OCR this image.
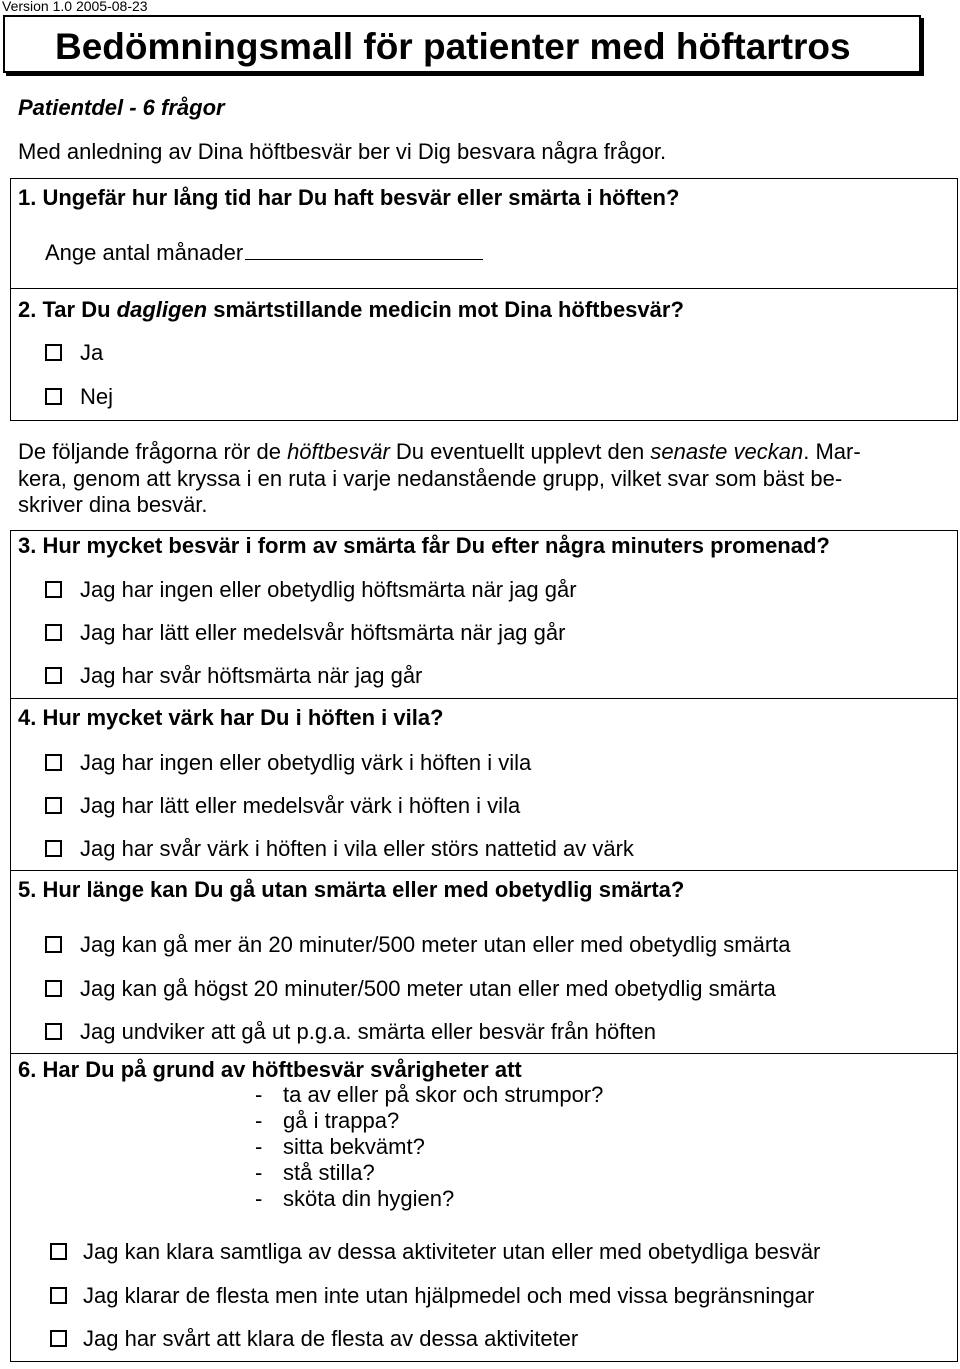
Version 1.0 2005-08-23
Bedömningsmall för patienter med höftartros
Patientdel - 6 frågor
Med anledning av Dina höftbesvär ber vi Dig besvara några frågor.
1. Ungefär hur lång tid har Du haft besvär eller smärta i höften?
Ange antal månader
2. Tar Du dagligen smärtstillande medicin mot Dina höftbesvär?
Ja
Nej
De följande frågorna rör de höftbesvär Du eventuellt upplevt den senaste veckan. Mar-
kera, genom att kryssa i en ruta i varje nedanstående grupp, vilket svar som bäst be-
skriver dina besvär.
3. Hur mycket besvär i form av smärta får Du efter några minuters promenad?
Jag har ingen eller obetydlig höftsmärta när jag går
Jag har lätt eller medelsvår höftsmärta när jag går
Jag har svår höftsmärta när jag går
4. Hur mycket värk har Du i höften i vila?
Jag har ingen eller obetydlig värk i höften i vila
Jag har lätt eller medelsvår värk i höften i vila
Jag har svår värk i höften i vila eller störs nattetid av värk
5. Hur länge kan Du gå utan smärta eller med obetydlig smärta?
Jag kan gå mer än 20 minuter/500 meter utan eller med obetydlig smärta
Jag kan gå högst 20 minuter/500 meter utan eller med obetydlig smärta
Jag undviker att gå ut p.g.a. smärta eller besvär från höften
6. Har Du på grund av höftbesvär svårigheter att
- ta av eller på skor och strumpor?
- gå i trappa?
- sitta bekvämt?
- stå stilla?
- sköta din hygien?
Jag kan klara samtliga av dessa aktiviteter utan eller med obetydliga besvär
Jag klarar de flesta men inte utan hjälpmedel och med vissa begränsningar
Jag har svårt att klara de flesta av dessa aktiviteter
